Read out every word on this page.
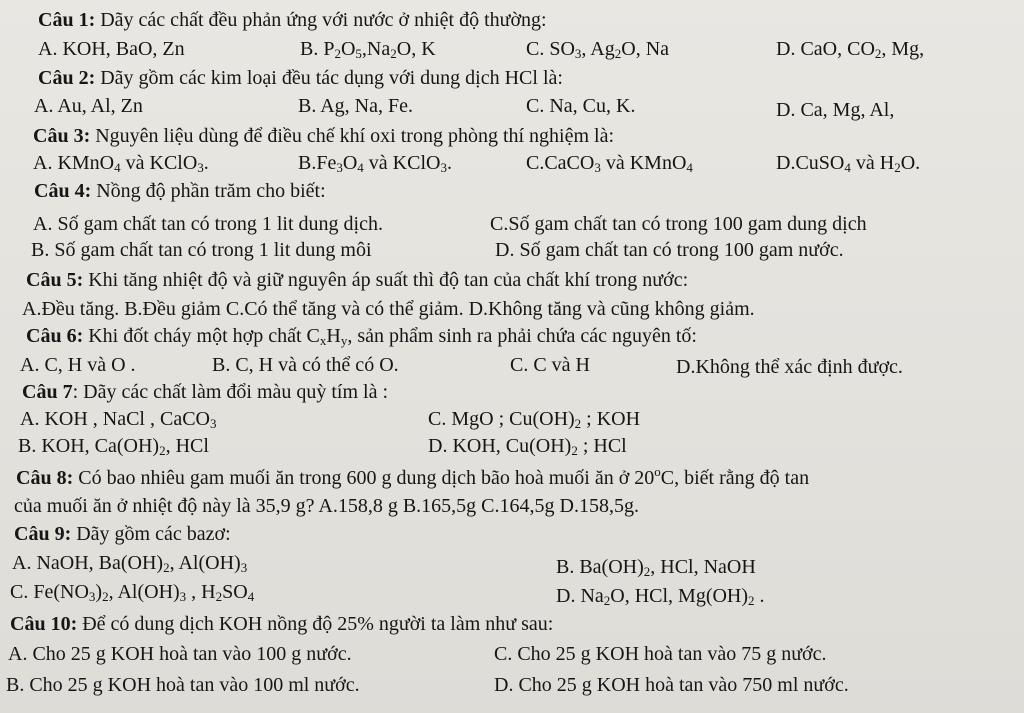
Câu 1: Dãy các chất đều phản ứng với nước ở nhiệt độ thường:
A. KOH, BaO, Zn	B. $P_2O_5,Na_2O$, K	C. $SO_3$, $Ag_2O$, Na	D. CaO, $CO_2$, Mg,
Câu 2: Dãy gồm các kim loại đều tác dụng với dung dịch HCl là:
A. Au, Al, Zn	B. Ag, Na, Fe.	C. Na, Cu, K.	D. Ca, Mg, Al,
Câu 3: Nguyên liệu dùng để điều chế khí oxi trong phòng thí nghiệm là:
A. KMnO$_4$ và KClO$_3$.	$B.Fe_3O_4$ và KClO$_3$.	C.CaCO$_3$ và KMnO$_4$	D.CuSO$_4$ và $H_2O$.
Câu 4: Nồng độ phần trăm cho biết:
A. Số gam chất tan có trong 1 lit dung dịch.	C.Số gam chất tan có trong 100 gam dung dịch
B. Số gam chất tan có trong 1 lit dung môi	D. Số gam chất tan có trong 100 gam nước.
Câu 5: Khi tăng nhiệt độ và giữ nguyên áp suất thì độ tan của chất khí trong nước:
A.Đều tăng. B.Đều giảm C.Có thể tăng và có thể giảm. D.Không tăng và cũng không giảm.
Câu 6: Khi đốt cháy một hợp chất $C_xH_y$, sản phẩm sinh ra phải chứa các nguyên tố:
A. C, H và O .	B. C, H và có thể có O.	C. C và H	D.Không thể xác định được.
Câu 7: Dãy các chất làm đổi màu quỳ tím là :
A. KOH , NaCl , CaCO$_3$	C. MgO ; $Cu(OH)_2$ ; KOH
B. KOH, $Ca(OH)_2$, HCl	D. KOH, $Cu(OH)_2$ ; HCl
Câu 8: Có bao nhiêu gam muối ăn trong 600 g dung dịch bão hoà muối ăn ở 20$^o$C, biết rằng độ tan
của muối ăn ở nhiệt độ này là 35,9 g? A.158,8 g B.165,5g C.164,5g D.158,5g.
Câu 9: Dãy gồm các bazơ:
A. NaOH, $Ba(OH)_2$, $Al(OH)_3$	B. $Ba(OH)_2$, HCl, NaOH
C. $Fe(NO_3)_2$, $Al(OH)_3$ , $H_2SO_4$	D. $Na_2O$, HCl, $Mg(OH)_2$ .
Câu 10: Để có dung dịch KOH nồng độ 25% người ta làm như sau:
A. Cho 25 g KOH hoà tan vào 100 g nước.	C. Cho 25 g KOH hoà tan vào 75 g nước.
B. Cho 25 g KOH hoà tan vào 100 ml nước.	D. Cho 25 g KOH hoà tan vào 750 ml nước.
